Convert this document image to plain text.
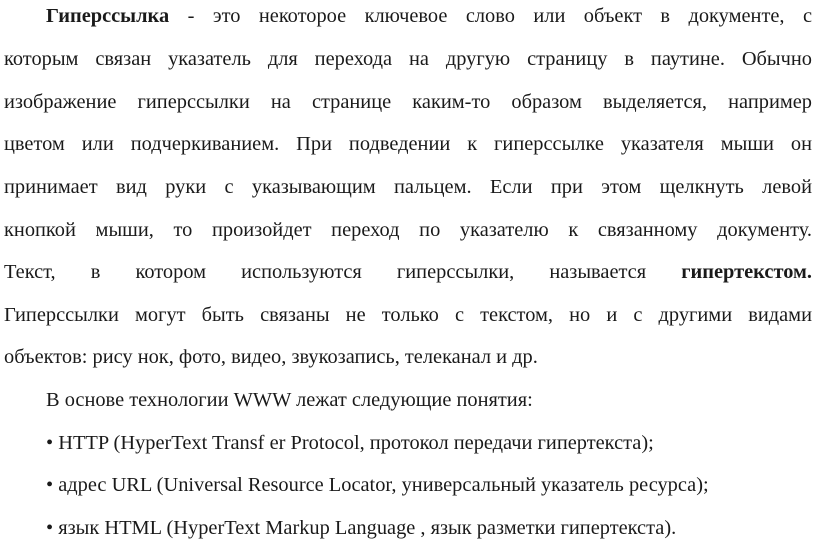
Гиперссылка - это некоторое ключевое слово или объект в документе, с
которым связан указатель для перехода на другую страницу в паутине. Обычно
изображение гиперссылки на странице каким-то образом выделяется, например
цветом или подчеркиванием. При подведении к гиперссылке указателя мыши он
принимает вид руки с указывающим пальцем. Если при этом щелкнуть левой
кнопкой мыши, то произойдет переход по указателю к связанному документу.
Текст, в котором используются гиперссылки, называется гипертекстом.
Гиперссылки могут быть связаны не только с текстом, но и с другими видами
объектов: рису нок, фото, видео, звукозапись, телеканал и др.
В основе технологии WWW лежат следующие понятия:
• HTTP (HyperText Transf er Protocol, протокол передачи гипертекста);
• адрес URL (Universal Resource Locator, универсальный указатель ресурса);
• язык HTML (HyperText Markup Language , язык разметки гипертекста).
